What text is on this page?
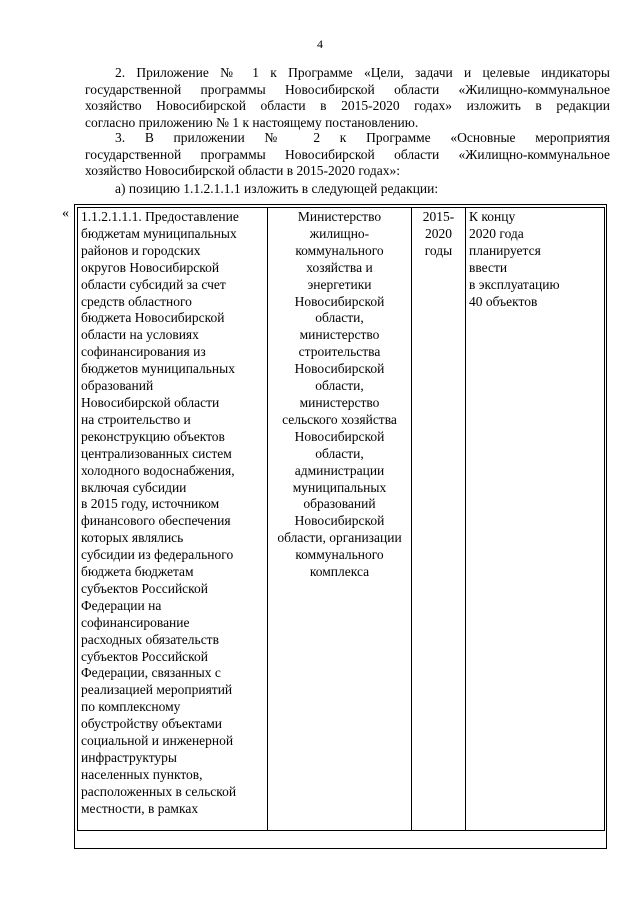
4
2. Приложение № 1 к Программе «Цели, задачи и целевые индикаторы
государственной программы Новосибирской области «Жилищно-коммунальное
хозяйство Новосибирской области в 2015-2020 годах» изложить в редакции
согласно приложению № 1 к настоящему постановлению.
3. В приложении № 2 к Программе «Основные мероприятия
государственной программы Новосибирской области «Жилищно-коммунальное
хозяйство Новосибирской области в 2015-2020 годах»:
а) позицию 1.1.2.1.1.1 изложить в следующей редакции:
« 1.1.2.1.1.1. Предоставление
бюджетам муниципальных
районов и городских
округов Новосибирской
области субсидий за счет
средств областного
бюджета Новосибирской
области на условиях
софинансирования из
бюджетов муниципальных
образований
Новосибирской области
на строительство и
реконструкцию объектов
централизованных систем
холодного водоснабжения,
включая субсидии
в 2015 году, источником
финансового обеспечения
которых являлись
субсидии из федерального
бюджета бюджетам
субъектов Российской
Федерации на
софинансирование
расходных обязательств
субъектов Российской
Федерации, связанных с
реализацией мероприятий
по комплексному
обустройству объектами
социальной и инженерной
инфраструктуры
населенных пунктов,
расположенных в сельской
местности, в рамках

Министерство
жилищно-
коммунального
хозяйства и
энергетики
Новосибирской
области,
министерство
строительства
Новосибирской
области,
министерство
сельского хозяйства
Новосибирской
области,
администрации
муниципальных
образований
Новосибирской
области, организации
коммунального
комплекса

2015-
2020
годы

К концу
2020 года
планируется
ввести
в эксплуатацию
40 объектов
